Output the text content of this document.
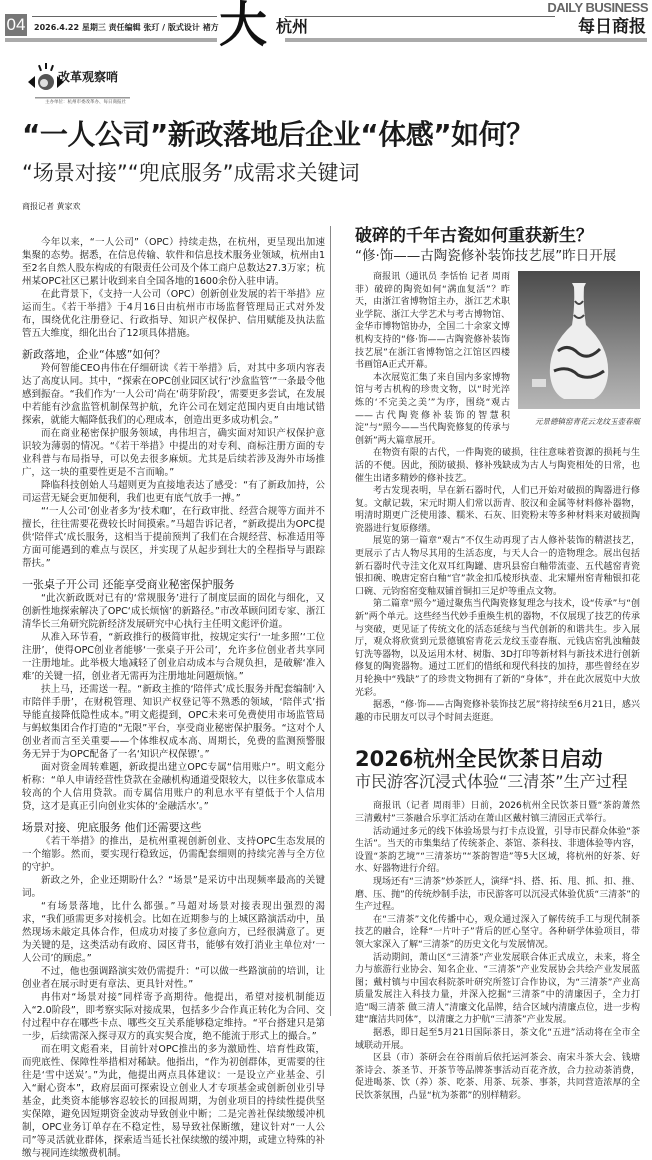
04 2026.4.22 星期三 责任编辑 张玎 / 版式设计 褚方 大 杭州
DAILY BUSINESS
每日商报
改革观察哨
主办单位：杭州市委改革办、每日商报社
“一人公司”新政落地后企业“体感”如何？
“场景对接”“兜底服务”成需求关键词
商报记者 黄家欢

今年以来，“一人公司”（OPC）持续走热，在杭州，更呈现出加速集聚的态势。据悉，在信息传输、软件和信息技术服务业领域，杭州由1至2名自然人股东构成的有限责任公司及个体工商户总数达27.3万家；杭州某OPC社区已累计收到来自全国各地的1600余份入驻申请。

在此背景下，《支持一人公司（OPC）创新创业发展的若干举措》应运而生。《若干举措》于4月16日由杭州市市场监督管理局正式对外发布，围绕优化注册登记、行政指导、知识产权保护、信用赋能及执法监管五大维度，细化出台了12项具体措施。

新政落地，企业“体感”如何？

羚何智能CEO冉伟在仔细研读《若干举措》后，对其中多项内容表达了高度认同。其中，“探索在OPC创业园区试行‘沙盒监管’”一条最令他感到振奋。“我们作为‘一人公司’尚在‘萌芽阶段’，需要更多尝试，在发展中若能有沙盒监管机制保驾护航，允许公司在划定范围内更自由地试错探索，就能大幅降低我们的心理成本，创造出更多成功机会。”

而在商业秘密保护服务领域，冉伟坦言，确实面对知识产权保护意识较为薄弱的情况。“《若干举措》中提出的对专利、商标注册方面的专业科普与布局指导，可以免去很多麻烦。尤其是后续若涉及海外市场推广，这一块的重要性更是不言而喻。”

降临科技创始人马超则更为直接地表达了感受：“有了新政加持，公司运营无疑会更加便利，我们也更有底气放手一搏。”

“‘一人公司’创业者多为‘技术咖’，在行政审批、经营合规等方面并不擅长，往往需要花费较长时间摸索。”马超告诉记者，“新政提出为OPC提供‘陪伴式’成长服务，这相当于提前预判了我们在合规经营、标准适用等方面可能遇到的难点与误区，并实现了从起步到壮大的全程指导与跟踪帮扶。”

一张桌子开公司 还能享受商业秘密保护服务

“此次新政既对已有的‘常规服务’进行了制度层面的固化与细化，又创新性地探索解决了OPC‘成长烦恼’的新路径。”市改革顾问团专家、浙江清华长三角研究院新经济发展研究中心执行主任明文彪评价道。

从准入环节看，“新政推行的极简审批，按规定实行‘一址多照’‘工位注册’，使得OPC创业者能够‘一张桌子开公司’，允许多位创业者共享同一注册地址。此举极大地减轻了创业启动成本与合规负担，是破解‘准入难’的关键一招，创业者无需再为注册地址问题烦恼。”

扶上马，还需送一程。“新政主推的‘陪伴式’成长服务并配套编制‘入市陪伴手册’，在财税管理、知识产权登记等不熟悉的领域，‘陪伴式’指导能直接降低隐性成本。”明文彪提到，OPC未来可免费使用市场监管局与蚂蚁集团合作打造的“无限”平台，享受商业秘密保护服务。“这对个人创业者而言至关重要——个体维权成本高、周期长，免费的监测预警服务无异于为OPC配备了一名‘知识产权保镖’。”

面对资金周转难题，新政提出建立OPC专属“信用账户”。明文彪分析称：“单人申请经营性贷款在金融机构通道受限较大，以往多依靠成本较高的个人信用贷款。而专属信用账户的利息水平有望低于个人信用贷，这才是真正引向创业实体的‘金融活水’。”

场景对接、兜底服务 他们还需要这些

《若干举措》的推出，是杭州重视创新创业、支持OPC生态发展的一个缩影。然而，要实现行稳致远，仍需配套细则的持续完善与全方位的守护。

新政之外，企业还期盼什么？“场景”是采访中出现频率最高的关键词。

“有场景落地，比什么都强。”马超对场景对接表现出强烈的渴求，“我们亟需更多对接机会。比如在近期参与的上城区路演活动中，虽然现场未敲定具体合作，但成功对接了多位意向方，已经很满意了。更为关键的是，这类活动有政府、园区背书，能够有效打消业主单位对‘一人公司’的顾虑。”

不过，他也强调路演实效仍需提升：“可以做一些路演前的培训，让创业者在展示时更有章法、更具针对性。”

冉伟对“场景对接”同样寄予高期待。他提出，希望对接机制能迈入“2.0阶段”，即考察实际对接成果，包括多少合作真正转化为合同、交付过程中存在哪些卡点、哪些交互关系能够稳定维持。“平台搭建只是第一步，后续需深入探寻双方的真实契合度，绝不能流于形式上的撮合。”

而在明文彪看来，目前针对OPC推出的多为激励性、培育性政策，而兜底性、保障性举措相对稀缺。他指出，“作为初创群体，更需要的往往是‘雪中送炭’。”为此，他提出两点具体建议：一是设立产业基金、引入“耐心资本”，政府层面可探索设立创业人才专项基金或创新创业引导基金，此类资本能够容忍较长的回报周期，为创业项目的持续性提供坚实保障，避免因短期资金波动导致创业中断；二是完善社保续缴缓冲机制，OPC业务订单存在不稳定性，易导致社保断缴，建议针对“一人公司”等灵活就业群体，探索适当延长社保续缴的缓冲期，或建立特殊的补缴与视同连续缴费机制。

破碎的千年古瓷如何重获新生？
“修·饰——古陶瓷修补装饰技艺展”昨日开展
元景德镇窑青花云龙纹玉壶春瓶

商报讯（通讯员 李恬怡 记者 周雨菲）破碎的陶瓷如何“满血复活”？昨天，由浙江省博物馆主办，浙江艺术职业学院、浙江大学艺术与考古博物馆、金华市博物馆协办，全国二十余家文博机构支持的“修·饰——古陶瓷修补装饰技艺展”在浙江省博物馆之江馆区四楼书画馆A正式开幕。

本次展览汇集了来自国内多家博物馆与考古机构的珍贵文物，以“时光淬炼的‘不完美之美’”为序，围绕“观古——古代陶瓷修补装饰的智慧积淀”与“照今——当代陶瓷修复的传承与创新”两大篇章展开。

在物资有限的古代，一件陶瓷的破损，往往意味着资源的损耗与生活的不便。因此，预防破损、修补残缺成为古人与陶瓷相处的日常，也催生出诸多精妙的修补技艺。

考古发现表明，早在新石器时代，人们已开始对破损的陶器进行修复。文献记载，宋元时期人们常以沥青、胶汉和金属等材料修补器物，明清时期更广泛使用漆、糯米、石灰、旧瓷粉末等多种材料来对破损陶瓷器进行复原修缮。

展览的第一篇章“观古”不仅生动再现了古人修补装饰的精湛技艺，更展示了古人物尽其用的生活态度，与天人合一的造物理念。展出包括新石器时代寺洼文化双耳红陶罐、唐巩县窑白釉带流壶、五代越窑青瓷银扣碗、晚唐定窑白釉“官”款金扣瓜棱形执壶、北宋耀州窑青釉银扣花口碗、元钧窑窑变釉双铺首铜扣三足炉等重点文物。

第二篇章“照今”通过聚焦当代陶瓷修复理念与技术，设“传承”与“创新”两个单元。这些经当代妙手重焕生机的器物，不仅展现了技艺的传承与突破，更见证了传统文化的活态延续与当代创新的和谐共生。步入展厅，观众将欣赏到元景德镇窑青花云龙纹玉壶春瓶、元钱店窑乳浊釉鼓钉洗等器物，以及运用木材、树脂、3D打印等新材料与新技术进行创新修复的陶瓷器物。通过工匠们的惜纸和现代科技的加持，那些曾经在岁月轮换中“残缺”了的珍贵文物拥有了新的“身体”，并在此次展览中大放光彩。

据悉，“修·饰——古陶瓷修补装饰技艺展”将持续至6月21日，感兴趣的市民朋友可以寻个时间去逛逛。

2026杭州全民饮茶日启动
市民游客沉浸式体验“三清茶”生产过程

商报讯（记者 周雨菲）日前，2026杭州全民饮茶日暨“茶韵萧然 三清戴村”三茶融合乐享汇活动在萧山区戴村镇三清园正式举行。

活动通过多元的线下体验场景与打卡点设置，引导市民群众体验“茶生活”。当天的市集集结了传统茶企、茶馆、茶科技、非遗体验等内容，设置“茶韵艺境”“三清茶坊”“茶韵智造”等5大区域，将杭州的好茶、好水、好器物进行介绍。

现场还有“三清茶”炒茶匠人，演绎“抖、搭、拓、甩、抓、扣、推、磨、压、抛”的传统炒制手法，市民游客可以沉浸式体验优质“三清茶”的生产过程。

在“三清茶”文化传播中心，观众通过深入了解传统手工与现代制茶技艺的融合，诠释“一片叶子”背后的匠心坚守。各种研学体验项目，带领大家深入了解“三清茶”的历史文化与发展情况。

活动期间，萧山区“三清茶”产业发展联合体正式成立，未来，将全力与旅游行业协会、知名企业、“三清茶”产业发展协会共绘产业发展蓝图；戴村镇与中国农科院茶叶研究所签订合作协议，为“三清茶”产业高质量发展注入科技力量，并深入挖掘“三清茶”中的清廉因子，全力打造“喝三清茶 做三清人”清廉文化品牌，结合区域内清廉点位，进一步构建“廉洁共同体”，以清廉之力护航“三清茶”产业发展。

据悉，即日起至5月21日国际茶日，茶文化“五进”活动将在全市全域联动开展。

区县（市）茶研会在谷雨前后依托运河茶会、南宋斗茶大会、钱塘茶诗会、茶圣节、开茶节等品牌茶事活动百花齐放，合力拉动茶消费，促进喝茶、饮（养）茶、吃茶、用茶、玩茶、事茶，共同营造浓厚的全民饮茶氛围，凸显“杭为茶都”的别样精彩。
